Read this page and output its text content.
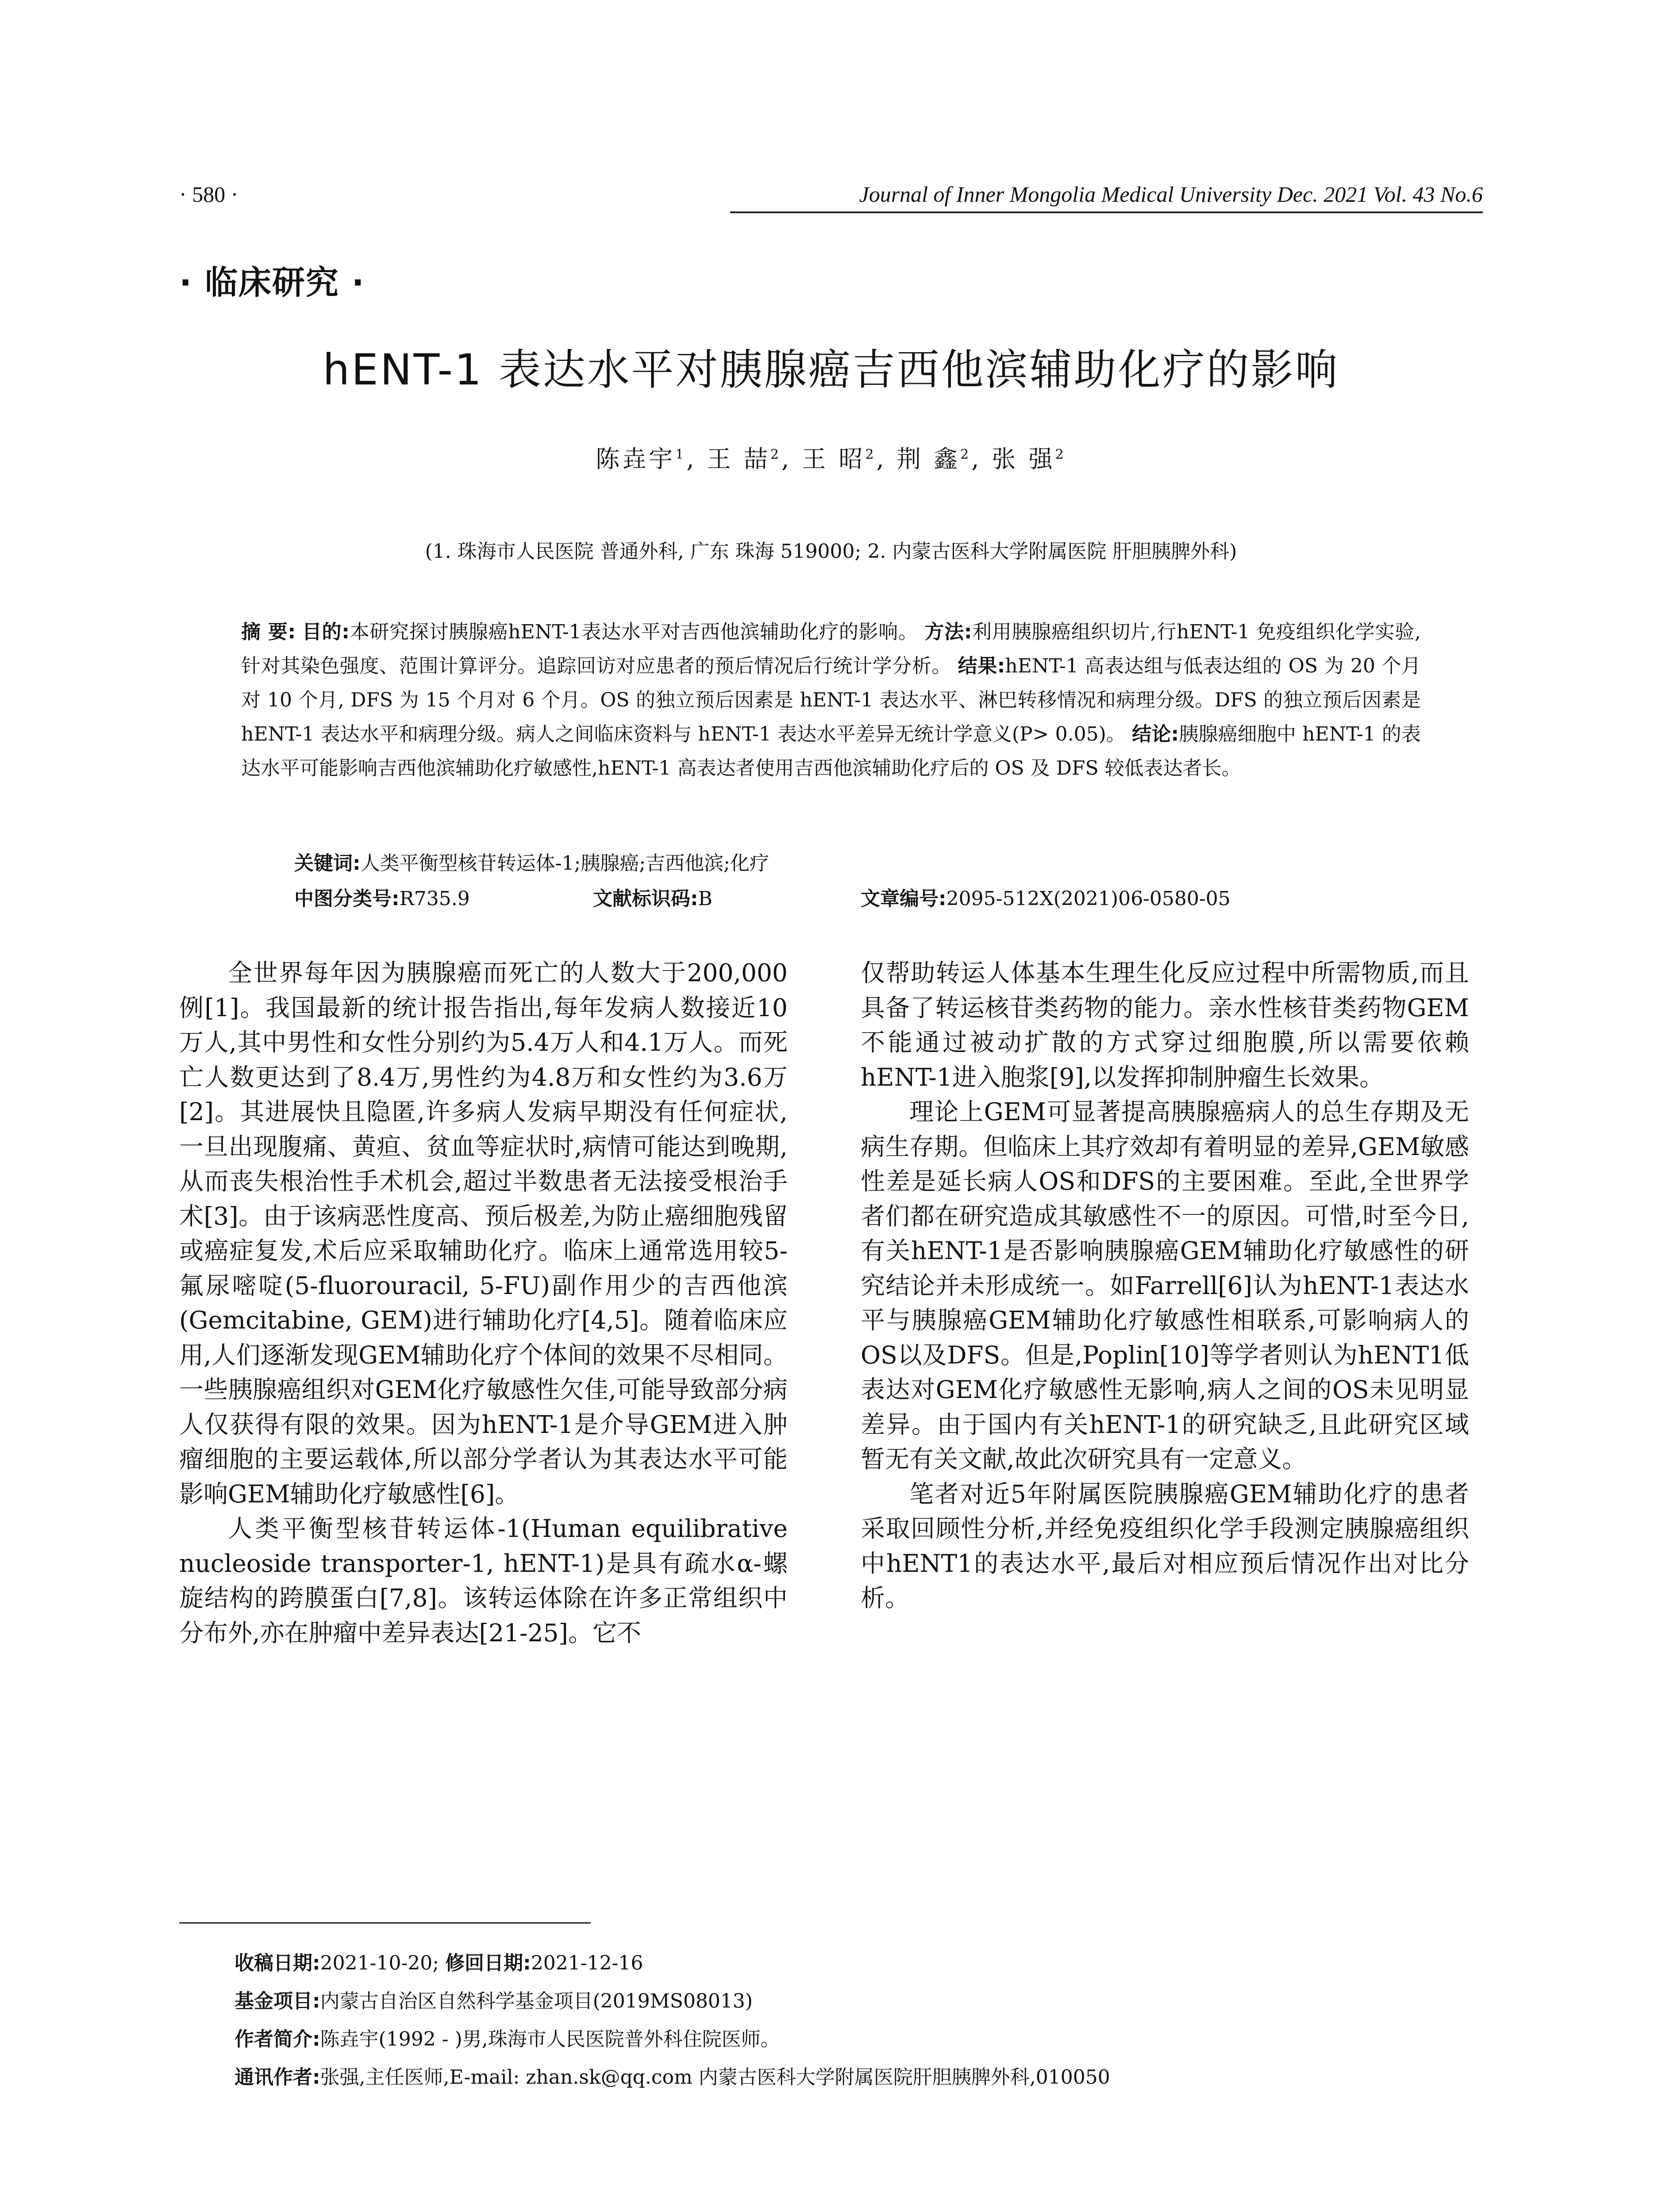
· 580 ·	Journal of Inner Mongolia Medical University Dec. 2021 Vol. 43 No.6
· 临床研究 ·
hENT-1 表达水平对胰腺癌吉西他滨辅助化疗的影响
陈垚宇$^1$, 王 喆$^2$, 王 昭$^2$, 荆 鑫$^2$, 张 强$^2$
(1. 珠海市人民医院 普通外科, 广东 珠海 519000; 2. 内蒙古医科大学附属医院 肝胆胰脾外科)

摘 要: 目的:本研究探讨胰腺癌hENT-1表达水平对吉西他滨辅助化疗的影响。 方法:利用胰腺癌组织切片,行hENT-1 免疫组织化学实验,针对其染色强度、范围计算评分。追踪回访对应患者的预后情况后行统计学分析。 结果:hENT-1 高表达组与低表达组的 OS 为 20 个月对 10 个月, DFS 为 15 个月对 6 个月。OS 的独立预后因素是 hENT-1 表达水平、淋巴转移情况和病理分级。DFS 的独立预后因素是 hENT-1 表达水平和病理分级。病人之间临床资料与 hENT-1 表达水平差异无统计学意义(P> 0.05)。 结论:胰腺癌细胞中 hENT-1 的表达水平可能影响吉西他滨辅助化疗敏感性,hENT-1 高表达者使用吉西他滨辅助化疗后的 OS 及 DFS 较低表达者长。

关键词:人类平衡型核苷转运体-1;胰腺癌;吉西他滨;化疗
中图分类号:R735.9	文献标识码:B	文章编号:2095-512X(2021)06-0580-05

全世界每年因为胰腺癌而死亡的人数大于200,000例[1]。我国最新的统计报告指出,每年发病人数接近10万人,其中男性和女性分别约为5.4万人和4.1万人。而死亡人数更达到了8.4万,男性约为4.8万和女性约为3.6万[2]。其进展快且隐匿,许多病人发病早期没有任何症状,一旦出现腹痛、黄疸、贫血等症状时,病情可能达到晚期,从而丧失根治性手术机会,超过半数患者无法接受根治手术[3]。由于该病恶性度高、预后极差,为防止癌细胞残留或癌症复发,术后应采取辅助化疗。临床上通常选用较5-氟尿嘧啶(5-fluorouracil, 5-FU)副作用少的吉西他滨(Gemcitabine, GEM)进行辅助化疗[4,5]。随着临床应用,人们逐渐发现GEM辅助化疗个体间的效果不尽相同。一些胰腺癌组织对GEM化疗敏感性欠佳,可能导致部分病人仅获得有限的效果。因为hENT-1是介导GEM进入肿瘤细胞的主要运载体,所以部分学者认为其表达水平可能影响GEM辅助化疗敏感性[6]。

人类平衡型核苷转运体-1(Human equilibrative nucleoside transporter-1, hENT-1)是具有疏水α-螺旋结构的跨膜蛋白[7,8]。该转运体除在许多正常组织中分布外,亦在肿瘤中差异表达[21-25]。它不

仅帮助转运人体基本生理生化反应过程中所需物质,而且具备了转运核苷类药物的能力。亲水性核苷类药物GEM不能通过被动扩散的方式穿过细胞膜,所以需要依赖hENT-1进入胞浆[9],以发挥抑制肿瘤生长效果。

理论上GEM可显著提高胰腺癌病人的总生存期及无病生存期。但临床上其疗效却有着明显的差异,GEM敏感性差是延长病人OS和DFS的主要困难。至此,全世界学者们都在研究造成其敏感性不一的原因。可惜,时至今日,有关hENT-1是否影响胰腺癌GEM辅助化疗敏感性的研究结论并未形成统一。如Farrell[6]认为hENT-1表达水平与胰腺癌GEM辅助化疗敏感性相联系,可影响病人的OS以及DFS。但是,Poplin[10]等学者则认为hENT1低表达对GEM化疗敏感性无影响,病人之间的OS未见明显差异。由于国内有关hENT-1的研究缺乏,且此研究区域暂无有关文献,故此次研究具有一定意义。

笔者对近5年附属医院胰腺癌GEM辅助化疗的患者采取回顾性分析,并经免疫组织化学手段测定胰腺癌组织中hENT1的表达水平,最后对相应预后情况作出对比分析。

收稿日期:2021-10-20; 修回日期:2021-12-16
基金项目:内蒙古自治区自然科学基金项目(2019MS08013)
作者简介:陈垚宇(1992 - )男,珠海市人民医院普外科住院医师。
通讯作者:张强,主任医师,E-mail: zhan.sk@qq.com 内蒙古医科大学附属医院肝胆胰脾外科,010050
